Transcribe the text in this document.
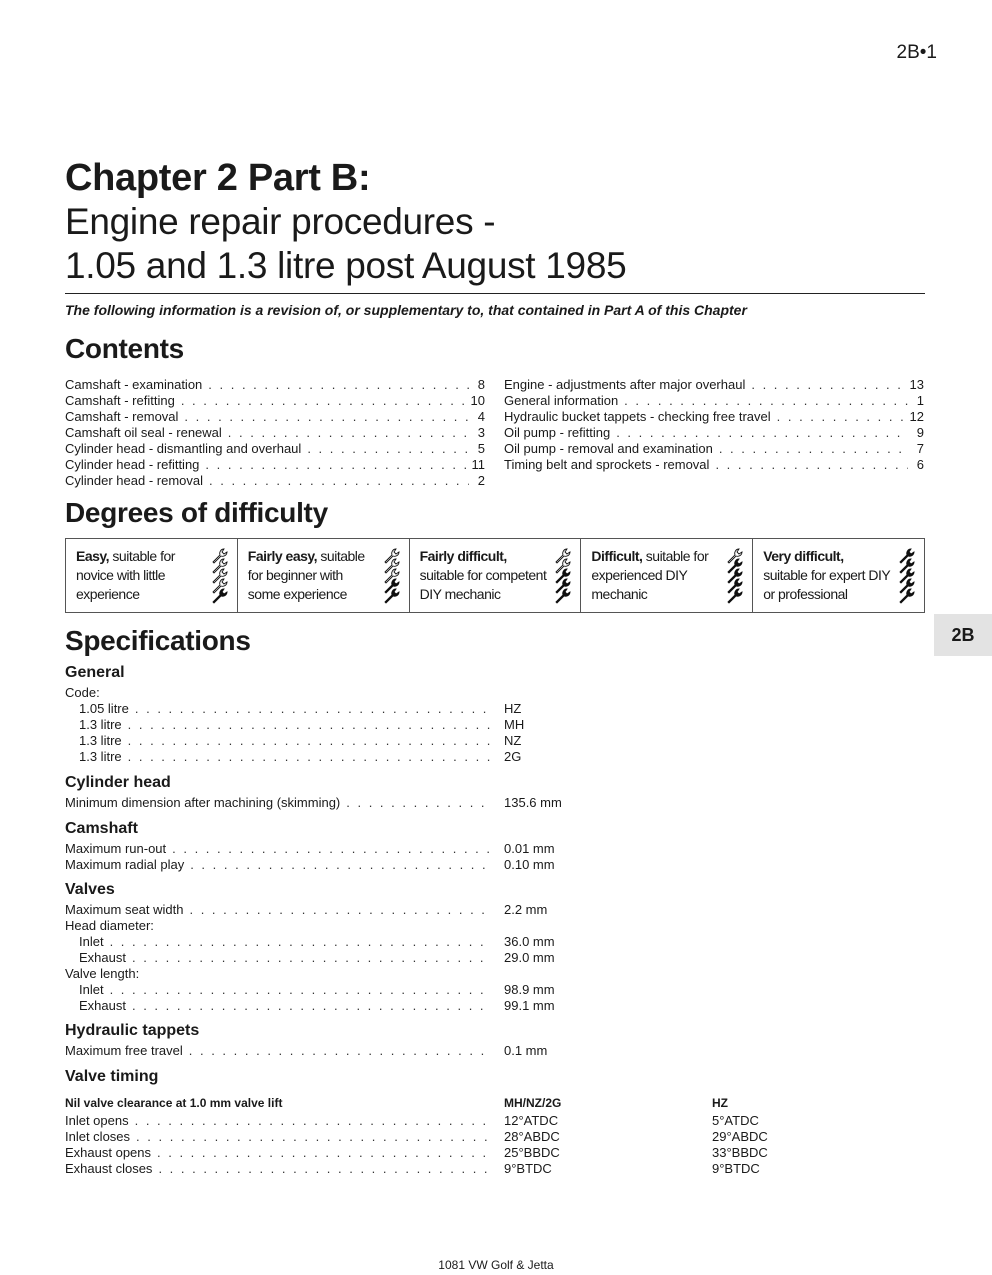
2B•1
2B
Chapter 2 Part B:
Engine repair procedures -
1.05 and 1.3 litre post August 1985
The following information is a revision of, or supplementary to, that contained in Part A of this Chapter
Contents
Camshaft - examination . . .	8
Camshaft - refitting . . .	10
Camshaft - removal . . .	4
Camshaft oil seal - renewal . . .	3
Cylinder head - dismantling and overhaul . . .	5
Cylinder head - refitting . . .	11
Cylinder head - removal . . .	2
Engine - adjustments after major overhaul . . .	13
General information . . .	1
Hydraulic bucket tappets - checking free travel . . .	12
Oil pump - refitting . . .	9
Oil pump - removal and examination . . .	7
Timing belt and sprockets - removal . . .	6
Degrees of difficulty
Easy, suitable for
novice with little
experience
Fairly easy, suitable
for beginner with
some experience
Fairly difficult,
suitable for competent
DIY mechanic
Difficult, suitable for
experienced DIY
mechanic
Very difficult,
suitable for expert DIY
or professional
Specifications
General
Code:
1.05 litre . . .	HZ
1.3 litre . . .	MH
1.3 litre . . .	NZ
1.3 litre . . .	2G
Cylinder head
Minimum dimension after machining (skimming) . . .	135.6 mm
Camshaft
Maximum run-out . . .	0.01 mm
Maximum radial play . . .	0.10 mm
Valves
Maximum seat width . . .	2.2 mm
Head diameter:
Inlet . . .	36.0 mm
Exhaust . . .	29.0 mm
Valve length:
Inlet . . .	98.9 mm
Exhaust . . .	99.1 mm
Hydraulic tappets
Maximum free travel . . .	0.1 mm
Valve timing
Nil valve clearance at 1.0 mm valve lift	MH/NZ/2G	HZ
Inlet opens . . .	12°ATDC	5°ATDC
Inlet closes . . .	28°ABDC	29°ABDC
Exhaust opens . . .	25°BBDC	33°BBDC
Exhaust closes . . .	9°BTDC	9°BTDC
1081 VW Golf & Jetta
